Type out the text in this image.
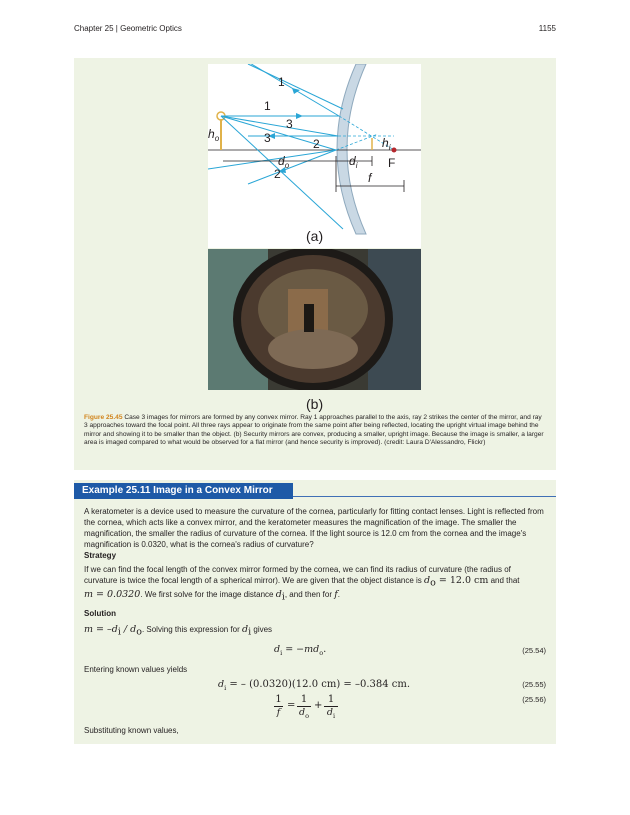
Chapter 25 | Geometric Optics	1155
1
1
3
3	2
2
$h_o$	$h_i$
$d_o$	$d_i$
f
F
(a)
(b)

Figure 25.45 Case 3 images for mirrors are formed by any convex mirror. Ray 1 approaches parallel to the axis, ray 2 strikes the center of the mirror, and ray 3 approaches toward the focal point. All three rays appear to originate from the same point after being reflected, locating the upright virtual image behind the mirror and showing it to be smaller than the object. (b) Security mirrors are convex, producing a smaller, upright image. Because the image is smaller, a larger area is imaged compared to what would be observed for a flat mirror (and hence security is improved). (credit: Laura D'Alessandro, Flickr)

Example 25.11 Image in a Convex Mirror

A keratometer is a device used to measure the curvature of the cornea, particularly for fitting contact lenses. Light is reflected from the cornea, which acts like a convex mirror, and the keratometer measures the magnification of the image. The smaller the magnification, the smaller the radius of curvature of the cornea. If the light source is 12.0 cm from the cornea and the image's magnification is 0.0320, what is the cornea's radius of curvature?

Strategy

If we can find the focal length of the convex mirror formed by the cornea, we can find its radius of curvature (the radius of curvature is twice the focal length of a spherical mirror). We are given that the object distance is $d_o = 12.0$ cm and that
m = 0.0320. We first solve for the image distance $d_i$, and then for f.

Solution

$m = -d_i / d_o$. Solving this expression for $d_i$ gives

$d_i = -md_o$.	(25.54)

Entering known values yields

$d_i$ = – (0.0320)(12.0 cm) = –0.384 cm.	(25.55)
1
f
=
1
$d_o$
+
1
$d_i$
(25.56)

Substituting known values,
